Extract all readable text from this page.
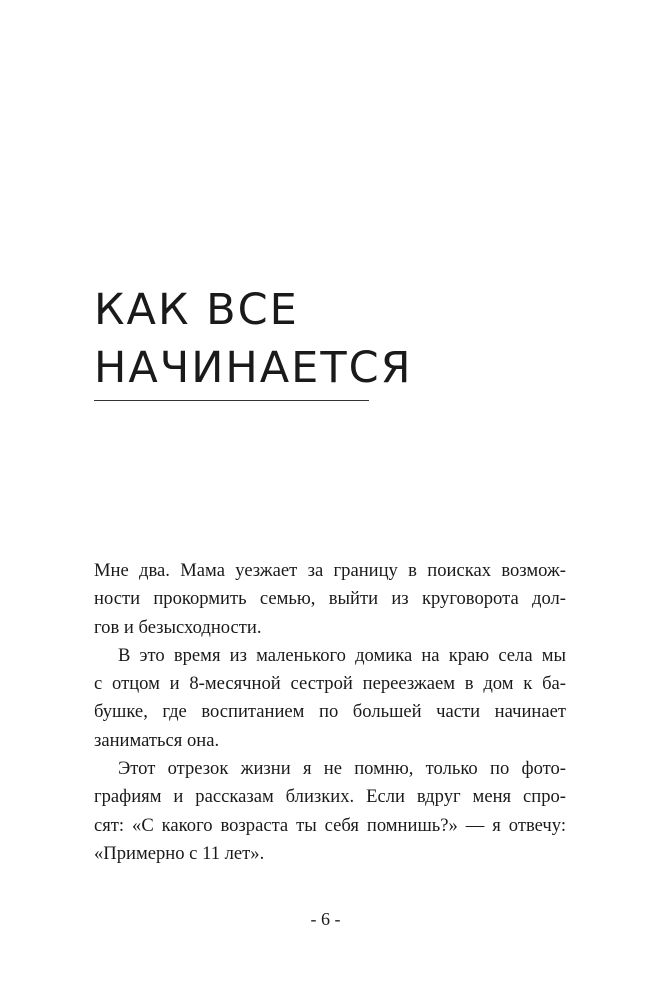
КАК ВСЕ
НАЧИНАЕТСЯ

Мне два. Мама уезжает за границу в поисках возмож-
ности прокормить семью, выйти из круговорота дол-
гов и безысходности.

В это время из маленького домика на краю села мы
с отцом и 8-месячной сестрой переезжаем в дом к ба-
бушке, где воспитанием по большей части начинает
заниматься она.

Этот отрезок жизни я не помню, только по фото-
графиям и рассказам близких. Если вдруг меня спро-
сят: «С какого возраста ты себя помнишь?» — я отвечу:
«Примерно с 11 лет».

- 6 -
